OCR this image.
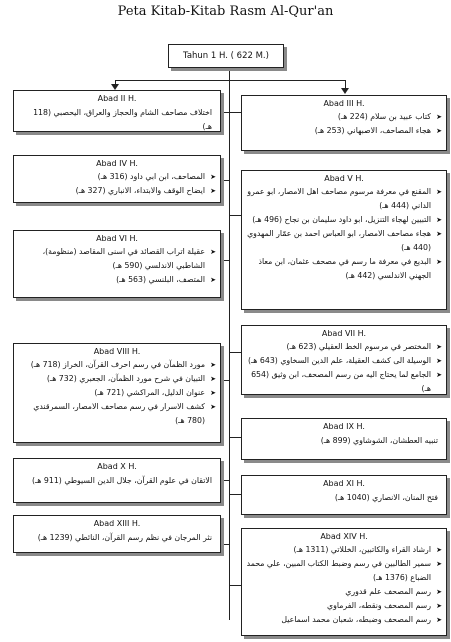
Peta Kitab-Kitab Rasm Al-Qur'an
Tahun 1 H. ( 622 M.)
Abad II H.
اختلاف مصاحف الشام والحجاز والعراق، اليحصبي (118 هـ)
Abad IV H.
➤ المصاحف، ابن ابي داود (316 هـ)
➤ ايضاح الوقف والابتداء، الانباري (327 هـ)
Abad VI H.
➤ عقيلة اتراب القصائد في اسنى المقاصد (منظومة)، الشاطبي الاندلسي (590 هـ)
➤ المتصف، البلنسي (563 هـ)
Abad VIII H.
➤ مورد الظمآن في رسم احرف القرآن، الخراز (718 هـ)
➤ التبيان في شرح مورد الظمآن، الجعبري (732 هـ)
➤ عنوان الدليل، المراكشي (721 هـ)
➤ كشف الاسرار في رسم مصاحف الامصار، السمرقندي (780 هـ)
Abad X H.
الاتقان في علوم القرآن، جلال الدين السيوطي (911 هـ)
Abad XIII H.
نثر المرجان في نظم رسم القرآن، النائطي (1239 هـ)
Abad III H.
➤ كتاب عبيد بن سلام (224 هـ)
➤ هجاء المصاحف، الاصبهاني (253 هـ)
Abad V H.
➤ المقنع في معرفة مرسوم مصاحف اهل الامصار، ابو عمرو الداني (444 هـ)
➤ التبيين لهجاء التنزيل، ابو داود سليمان بن نجاح (496 هـ)
➤ هجاء مصاحف الامصار، ابو العباس احمد بن عمّار المهدوي (440 هـ)
➤ البديع في معرفة ما رسم في مصحف عثمان، ابن معاذ الجهني الاندلسي (442 هـ)
Abad VII H.
➤ المختصر في مرسوم الخط العقيلي (623 هـ)
➤ الوسيلة الى كشف العقيلة، علم الدين السخاوي (643 هـ)
➤ الجامع لما يحتاج اليه من رسم المصحف، ابن وثيق (654 هـ)
Abad IX H.
تنبيه العطشان، الشوشاوي (899 هـ)
Abad XI H.
فتح المنان، الانصاري (1040 هـ)
Abad XIV H.
➤ ارشاد القراء والكاتبين، الخللاتي (1311 هـ)
➤ سمير الطالبين في رسم وضبط الكتاب المبين، علي محمد الضباع (1376 هـ)
➤ رسم المصحف علم قدوري
➤ رسم المصحف ونقطه، الفرماوي
➤ رسم المصحف وضبطه، شعبان محمد اسماعيل
